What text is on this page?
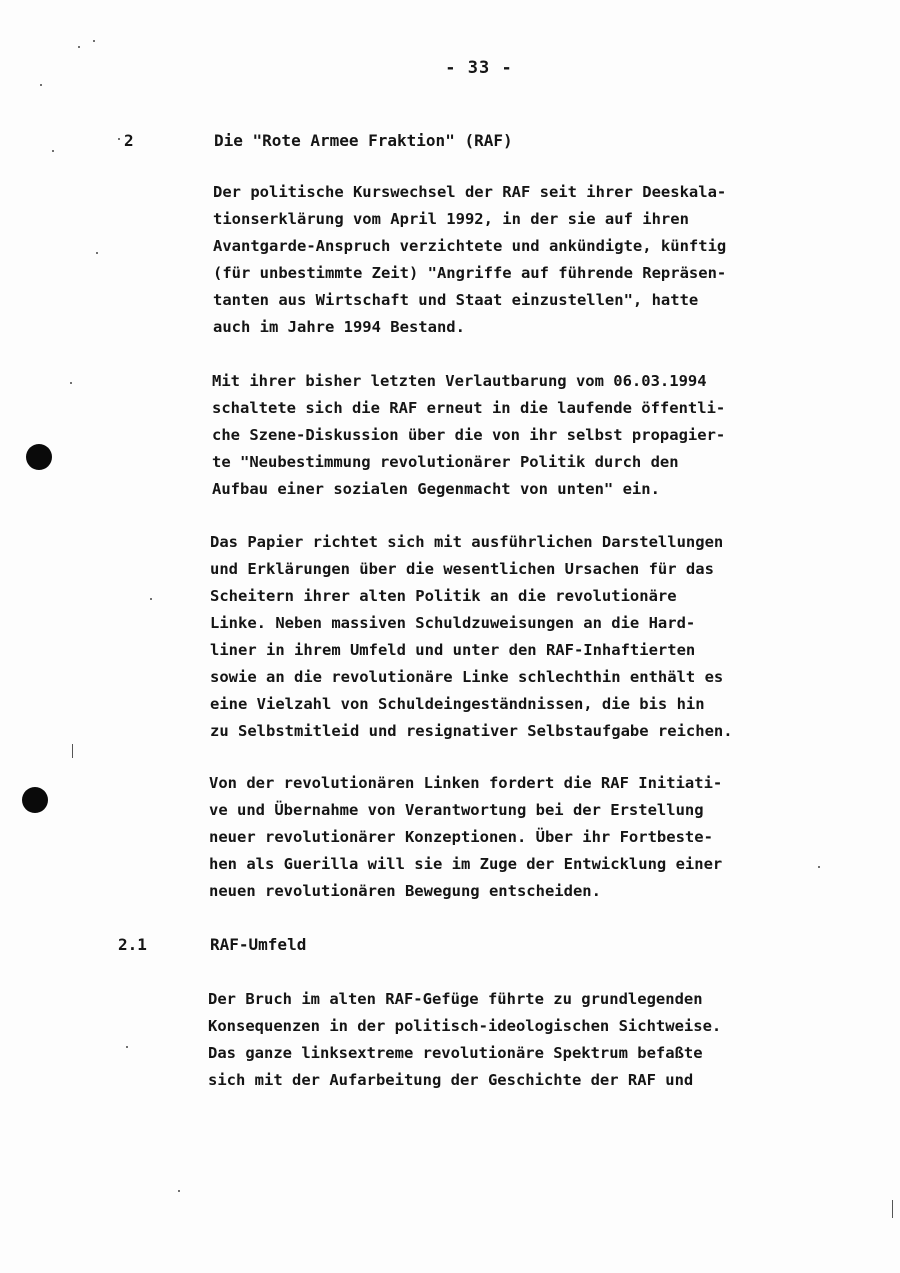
- 33 -
2	Die "Rote Armee Fraktion" (RAF)
Der politische Kurswechsel der RAF seit ihrer Deeskala-
tionserklärung vom April 1992, in der sie auf ihren
Avantgarde-Anspruch verzichtete und ankündigte, künftig
(für unbestimmte Zeit) "Angriffe auf führende Repräsen-
tanten aus Wirtschaft und Staat einzustellen", hatte
auch im Jahre 1994 Bestand.
Mit ihrer bisher letzten Verlautbarung vom 06.03.1994
schaltete sich die RAF erneut in die laufende öffentli-
che Szene-Diskussion über die von ihr selbst propagier-
te "Neubestimmung revolutionärer Politik durch den
Aufbau einer sozialen Gegenmacht von unten" ein.
Das Papier richtet sich mit ausführlichen Darstellungen
und Erklärungen über die wesentlichen Ursachen für das
Scheitern ihrer alten Politik an die revolutionäre
Linke. Neben massiven Schuldzuweisungen an die Hard-
liner in ihrem Umfeld und unter den RAF-Inhaftierten
sowie an die revolutionäre Linke schlechthin enthält es
eine Vielzahl von Schuldeingeständnissen, die bis hin
zu Selbstmitleid und resignativer Selbstaufgabe reichen.
Von der revolutionären Linken fordert die RAF Initiati-
ve und Übernahme von Verantwortung bei der Erstellung
neuer revolutionärer Konzeptionen. Über ihr Fortbeste-
hen als Guerilla will sie im Zuge der Entwicklung einer
neuen revolutionären Bewegung entscheiden.
2.1	RAF-Umfeld
Der Bruch im alten RAF-Gefüge führte zu grundlegenden
Konsequenzen in der politisch-ideologischen Sichtweise.
Das ganze linksextreme revolutionäre Spektrum befaßte
sich mit der Aufarbeitung der Geschichte der RAF und
